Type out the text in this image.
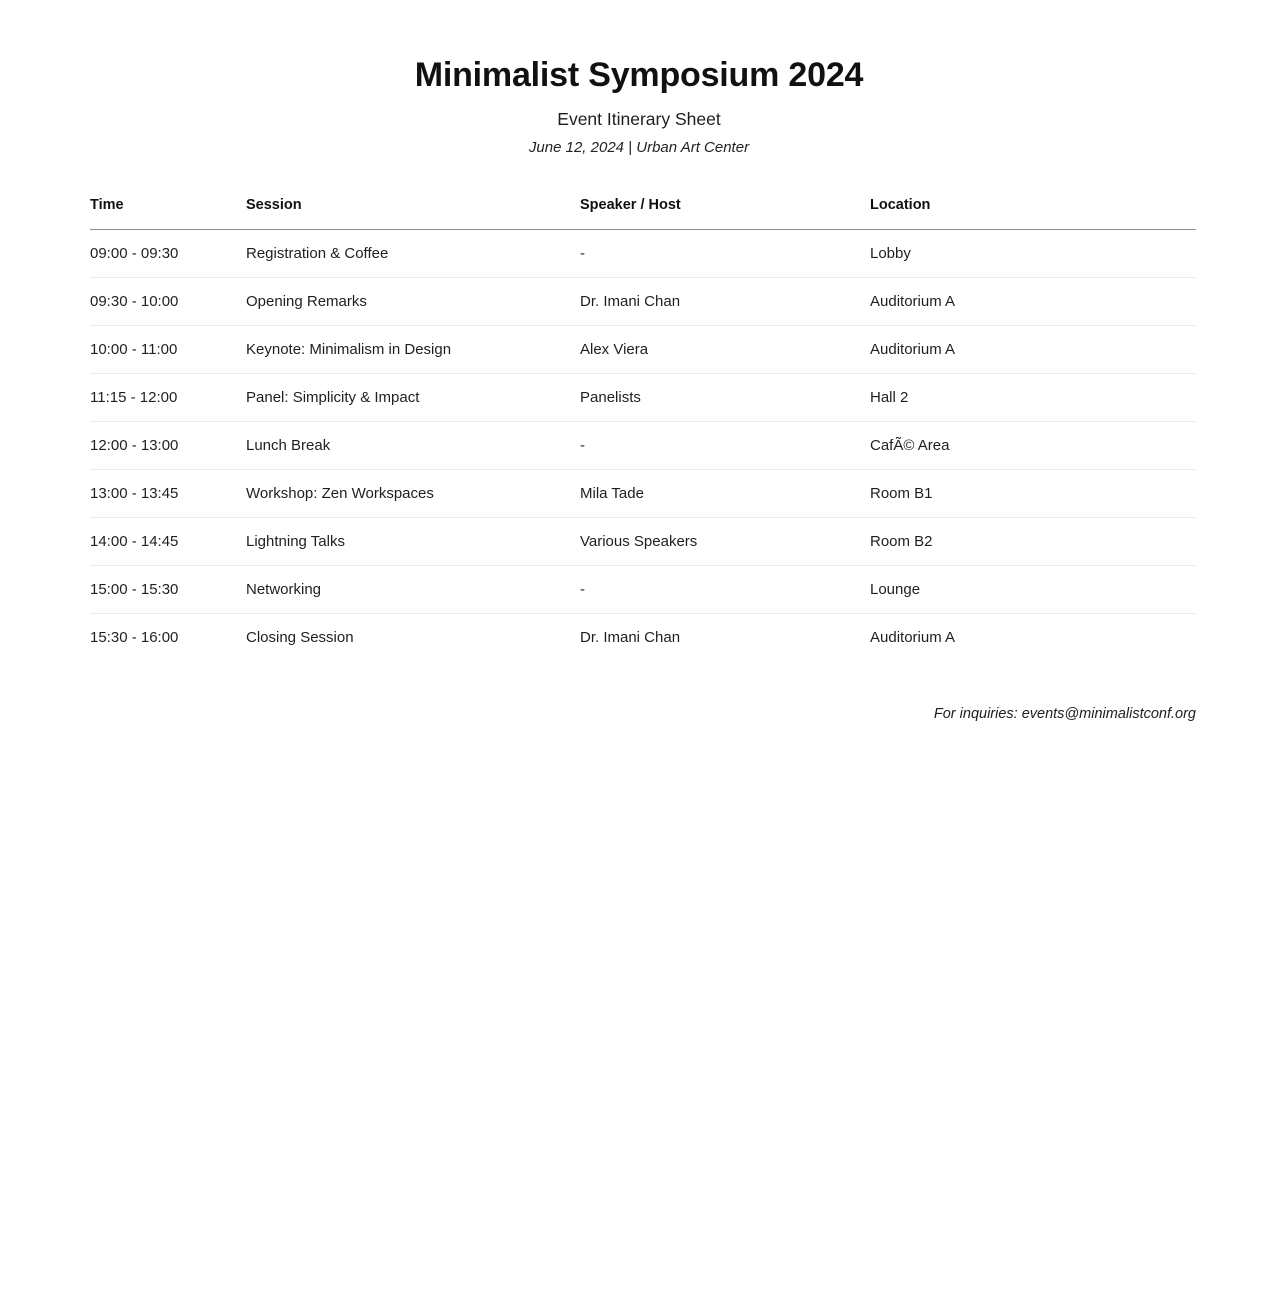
Minimalist Symposium 2024

Event Itinerary Sheet

June 12, 2024 | Urban Art Center

Time	Session	Speaker / Host	Location
09:00 - 09:30	Registration & Coffee	-	Lobby
09:30 - 10:00	Opening Remarks	Dr. Imani Chan	Auditorium A
10:00 - 11:00	Keynote: Minimalism in Design	Alex Viera	Auditorium A
11:15 - 12:00	Panel: Simplicity & Impact	Panelists	Hall 2
12:00 - 13:00	Lunch Break	-	CafÃ© Area
13:00 - 13:45	Workshop: Zen Workspaces	Mila Tade	Room B1
14:00 - 14:45	Lightning Talks	Various Speakers	Room B2
15:00 - 15:30	Networking	-	Lounge
15:30 - 16:00	Closing Session	Dr. Imani Chan	Auditorium A
For inquiries: events@minimalistconf.org
